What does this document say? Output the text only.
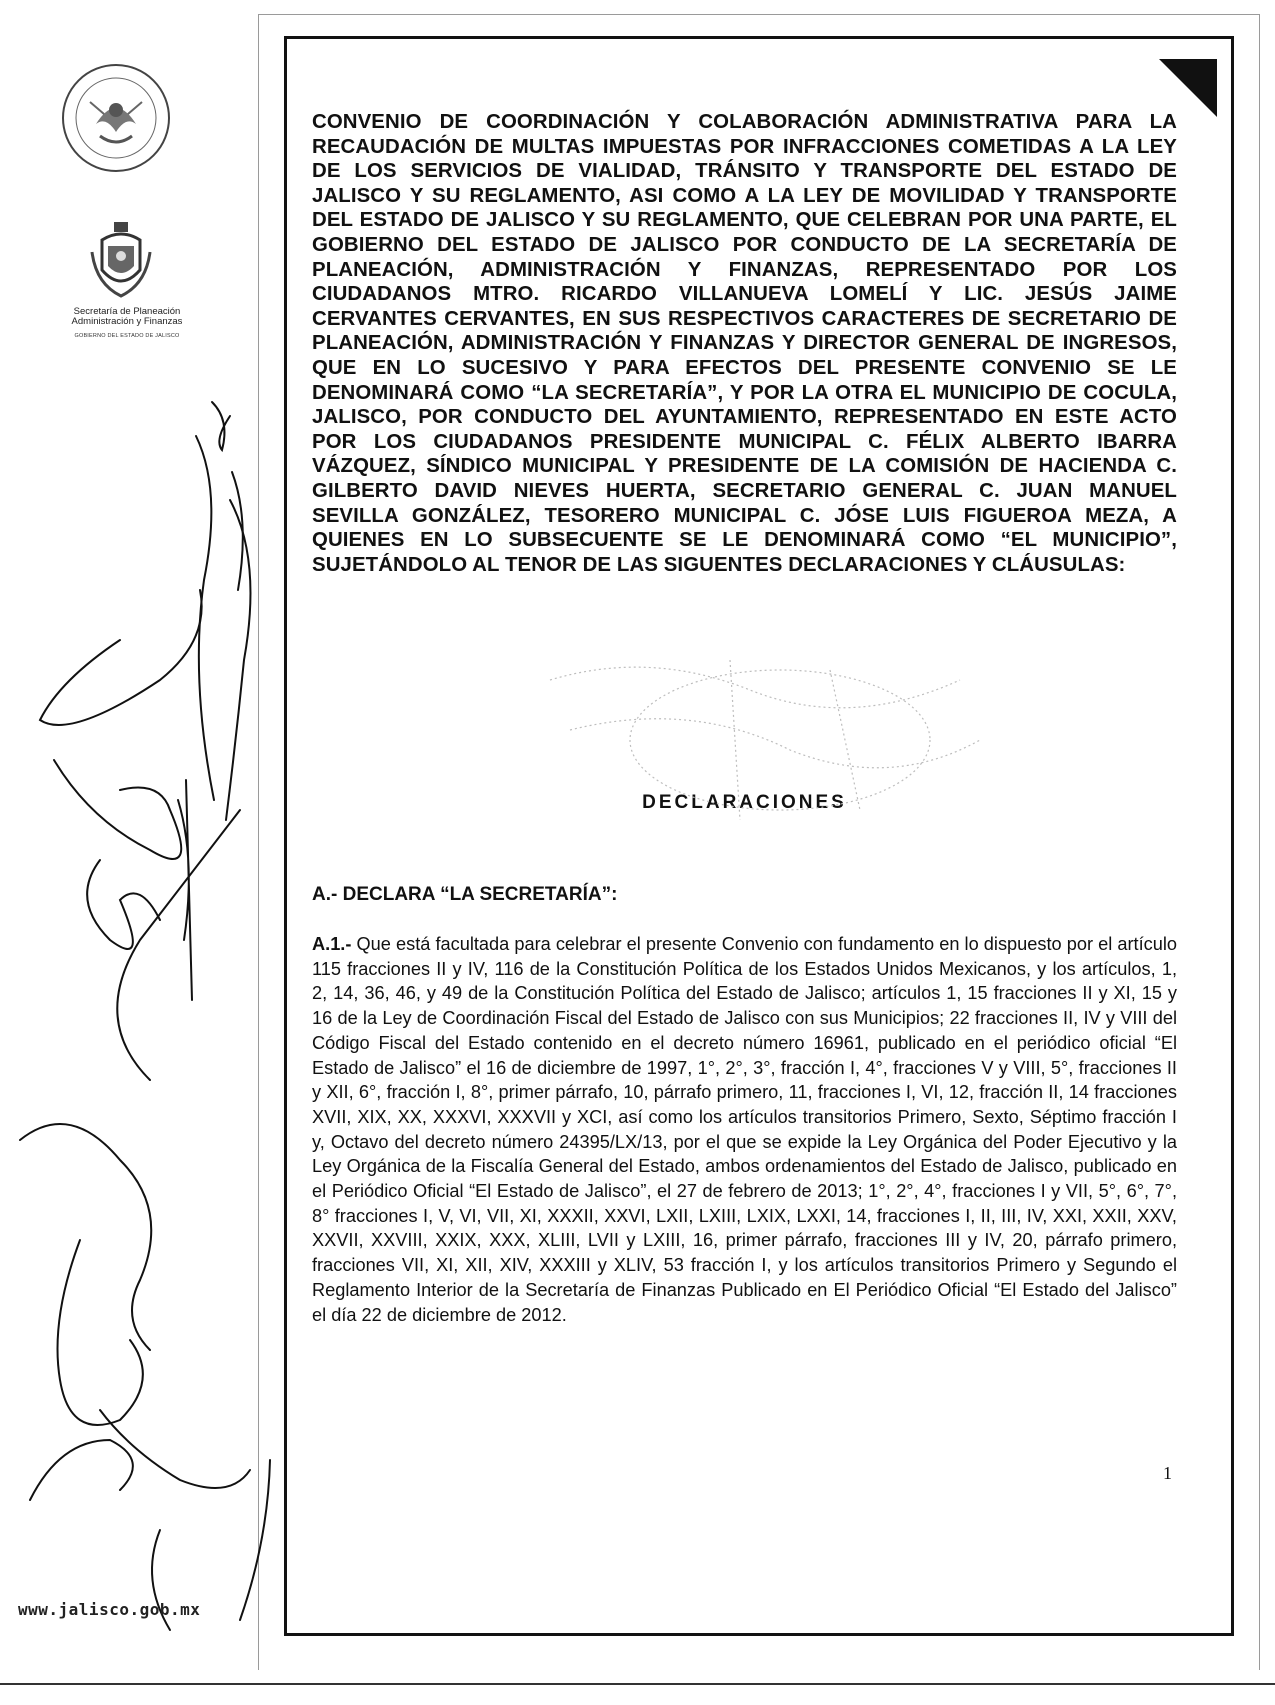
Secretaría de Planeación
Administración y Finanzas
GOBIERNO DEL ESTADO DE JALISCO
www.jalisco.gob.mx

CONVENIO DE COORDINACIÓN Y COLABORACIÓN ADMINISTRATIVA PARA LA RECAUDACIÓN DE MULTAS IMPUESTAS POR INFRACCIONES COMETIDAS A LA LEY DE LOS SERVICIOS DE VIALIDAD, TRÁNSITO Y TRANSPORTE DEL ESTADO DE JALISCO Y SU REGLAMENTO, ASI COMO A LA LEY DE MOVILIDAD Y TRANSPORTE DEL ESTADO DE JALISCO Y SU REGLAMENTO, QUE CELEBRAN POR UNA PARTE, EL GOBIERNO DEL ESTADO DE JALISCO POR CONDUCTO DE LA SECRETARÍA DE PLANEACIÓN, ADMINISTRACIÓN Y FINANZAS, REPRESENTADO POR LOS CIUDADANOS MTRO. RICARDO VILLANUEVA LOMELÍ Y LIC. JESÚS JAIME CERVANTES CERVANTES, EN SUS RESPECTIVOS CARACTERES DE SECRETARIO DE PLANEACIÓN, ADMINISTRACIÓN Y FINANZAS Y DIRECTOR GENERAL DE INGRESOS, QUE EN LO SUCESIVO Y PARA EFECTOS DEL PRESENTE CONVENIO SE LE DENOMINARÁ COMO “LA SECRETARÍA”, Y POR LA OTRA EL MUNICIPIO DE COCULA, JALISCO, POR CONDUCTO DEL AYUNTAMIENTO, REPRESENTADO EN ESTE ACTO POR LOS CIUDADANOS PRESIDENTE MUNICIPAL C. FÉLIX ALBERTO IBARRA VÁZQUEZ, SÍNDICO MUNICIPAL Y PRESIDENTE DE LA COMISIÓN DE HACIENDA C. GILBERTO DAVID NIEVES HUERTA, SECRETARIO GENERAL C. JUAN MANUEL SEVILLA GONZÁLEZ, TESORERO MUNICIPAL C. JÓSE LUIS FIGUEROA MEZA, A QUIENES EN LO SUBSECUENTE SE LE DENOMINARÁ COMO “EL MUNICIPIO”, SUJETÁNDOLO AL TENOR DE LAS SIGUENTES DECLARACIONES Y CLÁUSULAS:

DECLARACIONES

A.- DECLARA “LA SECRETARÍA”:

A.1.- Que está facultada para celebrar el presente Convenio con fundamento en lo dispuesto por el artículo 115 fracciones II y IV, 116 de la Constitución Política de los Estados Unidos Mexicanos, y los artículos, 1, 2, 14, 36, 46, y 49 de la Constitución Política del Estado de Jalisco; artículos 1, 15 fracciones II y XI, 15 y 16 de la Ley de Coordinación Fiscal del Estado de Jalisco con sus Municipios; 22 fracciones II, IV y VIII del Código Fiscal del Estado contenido en el decreto número 16961, publicado en el periódico oficial “El Estado de Jalisco” el 16 de diciembre de 1997, 1°, 2°, 3°, fracción I, 4°, fracciones V y VIII, 5°, fracciones II y XII, 6°, fracción I, 8°, primer párrafo, 10, párrafo primero, 11, fracciones I, VI, 12, fracción II, 14 fracciones XVII, XIX, XX, XXXVI, XXXVII y XCI, así como los artículos transitorios Primero, Sexto, Séptimo fracción I y, Octavo del decreto número 24395/LX/13, por el que se expide la Ley Orgánica del Poder Ejecutivo y la Ley Orgánica de la Fiscalía General del Estado, ambos ordenamientos del Estado de Jalisco, publicado en el Periódico Oficial “El Estado de Jalisco”, el 27 de febrero de 2013; 1°, 2°, 4°, fracciones I y VII, 5°, 6°, 7°, 8° fracciones I, V, VI, VII, XI, XXXII, XXVI, LXII, LXIII, LXIX, LXXI, 14, fracciones I, II, III, IV, XXI, XXII, XXV, XXVII, XXVIII, XXIX, XXX, XLIII, LVII y LXIII, 16, primer párrafo, fracciones III y IV, 20, párrafo primero, fracciones VII, XI, XII, XIV, XXXIII y XLIV, 53 fracción I, y los artículos transitorios Primero y Segundo el Reglamento Interior de la Secretaría de Finanzas Publicado en El Periódico Oficial “El Estado del Jalisco” el día 22 de diciembre de 2012.

1
